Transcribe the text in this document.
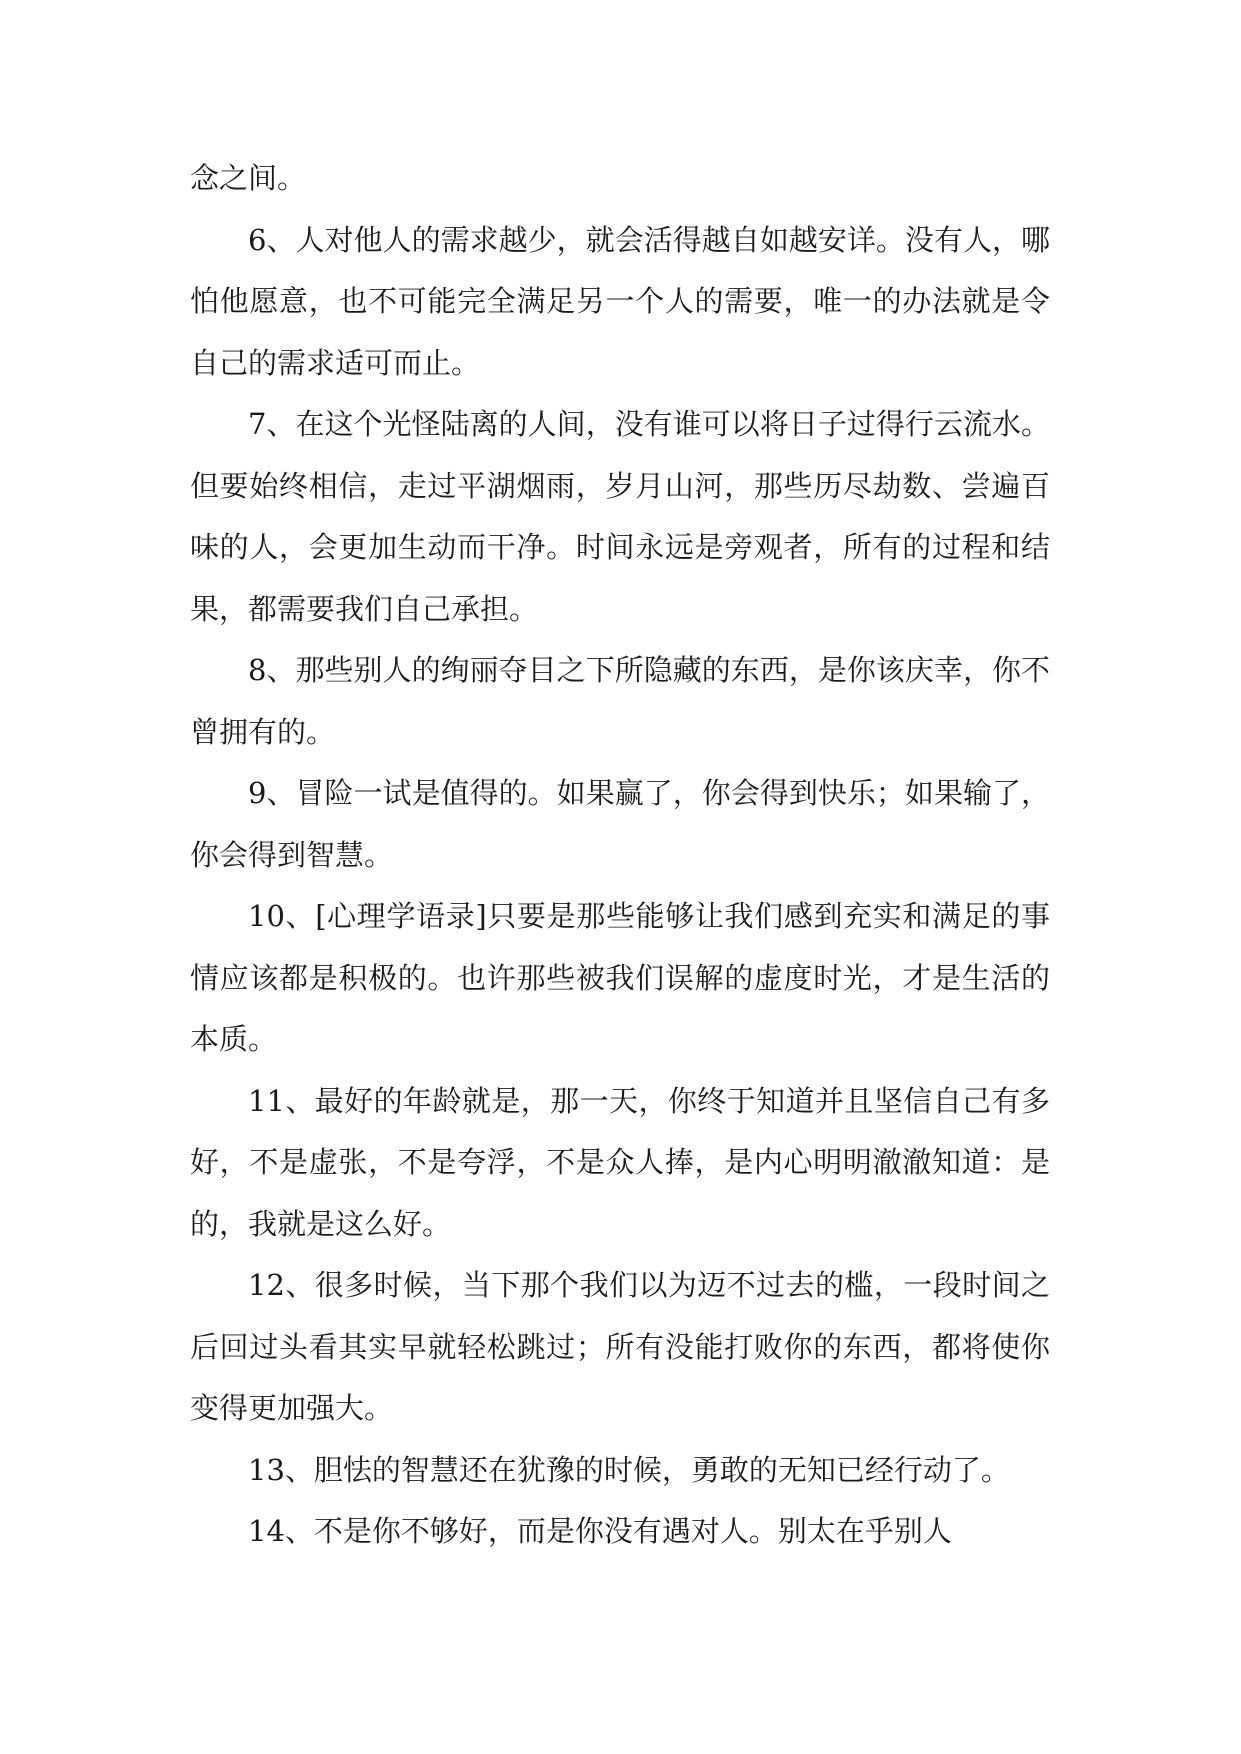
念之间。

6、人对他人的需求越少，就会活得越自如越安详。没有人，哪怕他愿意，也不可能完全满足另一个人的需要，唯一的办法就是令自己的需求适可而止。

7、在这个光怪陆离的人间，没有谁可以将日子过得行云流水。但要始终相信，走过平湖烟雨，岁月山河，那些历尽劫数、尝遍百味的人，会更加生动而干净。时间永远是旁观者，所有的过程和结果，都需要我们自己承担。

8、那些别人的绚丽夺目之下所隐藏的东西，是你该庆幸，你不曾拥有的。

9、冒险一试是值得的。如果赢了，你会得到快乐；如果输了，你会得到智慧。

10、[心理学语录]只要是那些能够让我们感到充实和满足的事情应该都是积极的。也许那些被我们误解的虚度时光，才是生活的本质。

11、最好的年龄就是，那一天，你终于知道并且坚信自己有多好，不是虚张，不是夸浮，不是众人捧，是内心明明澈澈知道：是的，我就是这么好。

12、很多时候，当下那个我们以为迈不过去的槛，一段时间之后回过头看其实早就轻松跳过；所有没能打败你的东西，都将使你变得更加强大。

13、胆怯的智慧还在犹豫的时候，勇敢的无知已经行动了。

14、不是你不够好，而是你没有遇对人。别太在乎别人
